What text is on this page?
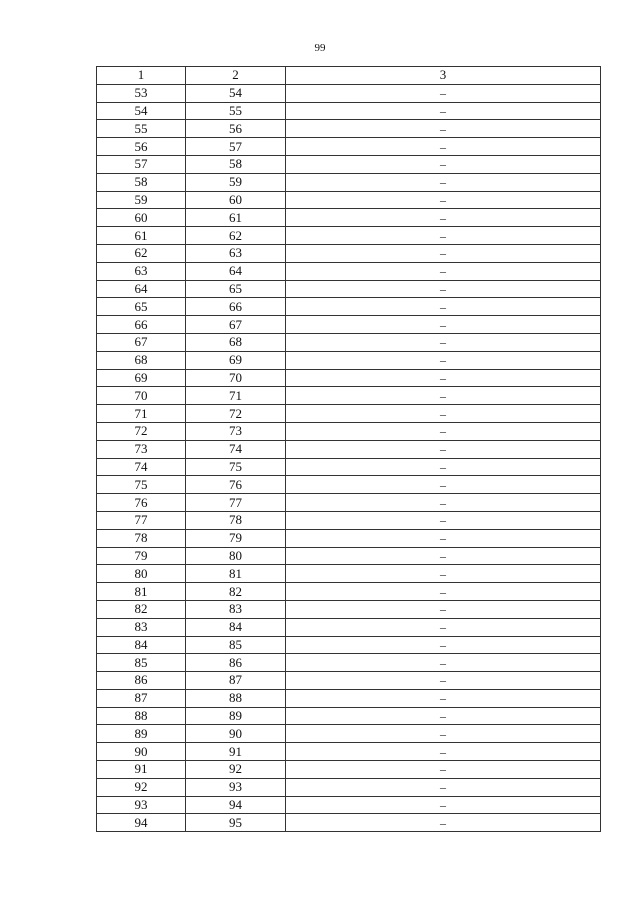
99
1	2	3
53	54	–
54	55	–
55	56	–
56	57	–
57	58	–
58	59	–
59	60	–
60	61	–
61	62	–
62	63	–
63	64	–
64	65	–
65	66	–
66	67	–
67	68	–
68	69	–
69	70	–
70	71	–
71	72	–
72	73	–
73	74	–
74	75	–
75	76	–
76	77	–
77	78	–
78	79	–
79	80	–
80	81	–
81	82	–
82	83	–
83	84	–
84	85	–
85	86	–
86	87	–
87	88	–
88	89	–
89	90	–
90	91	–
91	92	–
92	93	–
93	94	–
94	95	–
